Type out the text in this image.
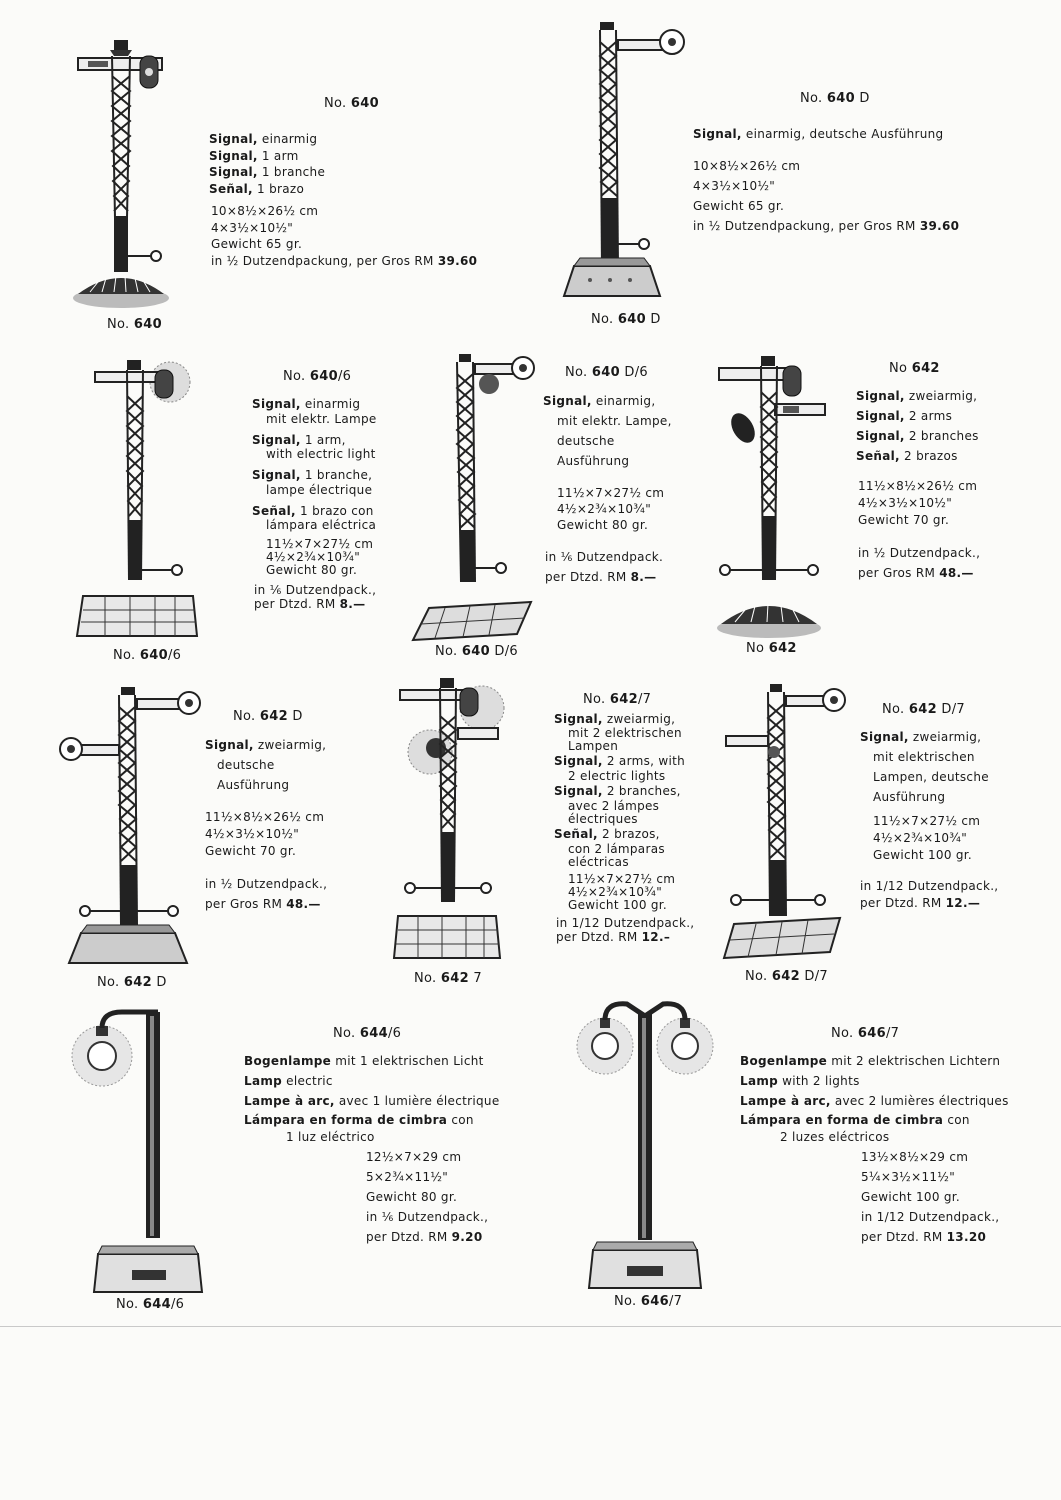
No. 640
No. 640
Signal, einarmig
Signal, 1 arm
Signal, 1 branche
Señal, 1 brazo
10×8½×26½ cm
4×3½×10½"
Gewicht 65 gr.
in ½ Dutzendpackung, per Gros RM 39.60
No. 640 D
No. 640 D
Signal, einarmig, deutsche Ausführung
10×8½×26½ cm
4×3½×10½"
Gewicht 65 gr.
in ½ Dutzendpackung, per Gros RM 39.60
No. 640/6
No. 640/6
Signal, einarmig
mit elektr. Lampe
Signal, 1 arm,
with electric light
Signal, 1 branche,
lampe électrique
Señal, 1 brazo con
lámpara eléctrica
11½×7×27½ cm
4½×2¾×10¾"
Gewicht 80 gr.
in ⅙ Dutzendpack.,
per Dtzd. RM 8.—
No. 640 D/6
No. 640 D/6
Signal, einarmig,
mit elektr. Lampe,
deutsche
Ausführung
11½×7×27½ cm
4½×2¾×10¾"
Gewicht 80 gr.
in ⅙ Dutzendpack.
per Dtzd. RM 8.—
No 642
No 642
Signal, zweiarmig,
Signal, 2 arms
Signal, 2 branches
Señal, 2 brazos
11½×8½×26½ cm
4½×3½×10½"
Gewicht 70 gr.
in ½ Dutzendpack.,
per Gros RM 48.—
No. 642 D
No. 642 D
Signal, zweiarmig,
deutsche
Ausführung
11½×8½×26½ cm
4½×3½×10½"
Gewicht 70 gr.
in ½ Dutzendpack.,
per Gros RM 48.—
No. 642 7
No. 642/7
Signal, zweiarmig,
mit 2 elektrischen
Lampen
Signal, 2 arms, with
2 electric lights
Signal, 2 branches,
avec 2 lámpes
électriques
Señal, 2 brazos,
con 2 lámparas
eléctricas
11½×7×27½ cm
4½×2¾×10¾"
Gewicht 100 gr.
in 1/12 Dutzendpack.,
per Dtzd. RM 12.–
No. 642 D/7
No. 642 D/7
Signal, zweiarmig,
mit elektrischen
Lampen, deutsche
Ausführung
11½×7×27½ cm
4½×2¾×10¾"
Gewicht 100 gr.
in 1/12 Dutzendpack.,
per Dtzd. RM 12.—
No. 644/6
No. 644/6
Bogenlampe mit 1 elektrischen Licht
Lamp electric
Lampe à arc, avec 1 lumière électrique
Lámpara en forma de cimbra con
1 luz eléctrico
12½×7×29 cm
5×2¾×11½"
Gewicht 80 gr.
in ⅙ Dutzendpack.,
per Dtzd. RM 9.20
No. 646/7
No. 646/7
Bogenlampe mit 2 elektrischen Lichtern
Lamp with 2 lights
Lampe à arc, avec 2 lumières électriques
Lámpara en forma de cimbra con
2 luzes eléctricos
13½×8½×29 cm
5¼×3½×11½"
Gewicht 100 gr.
in 1/12 Dutzendpack.,
per Dtzd. RM 13.20
